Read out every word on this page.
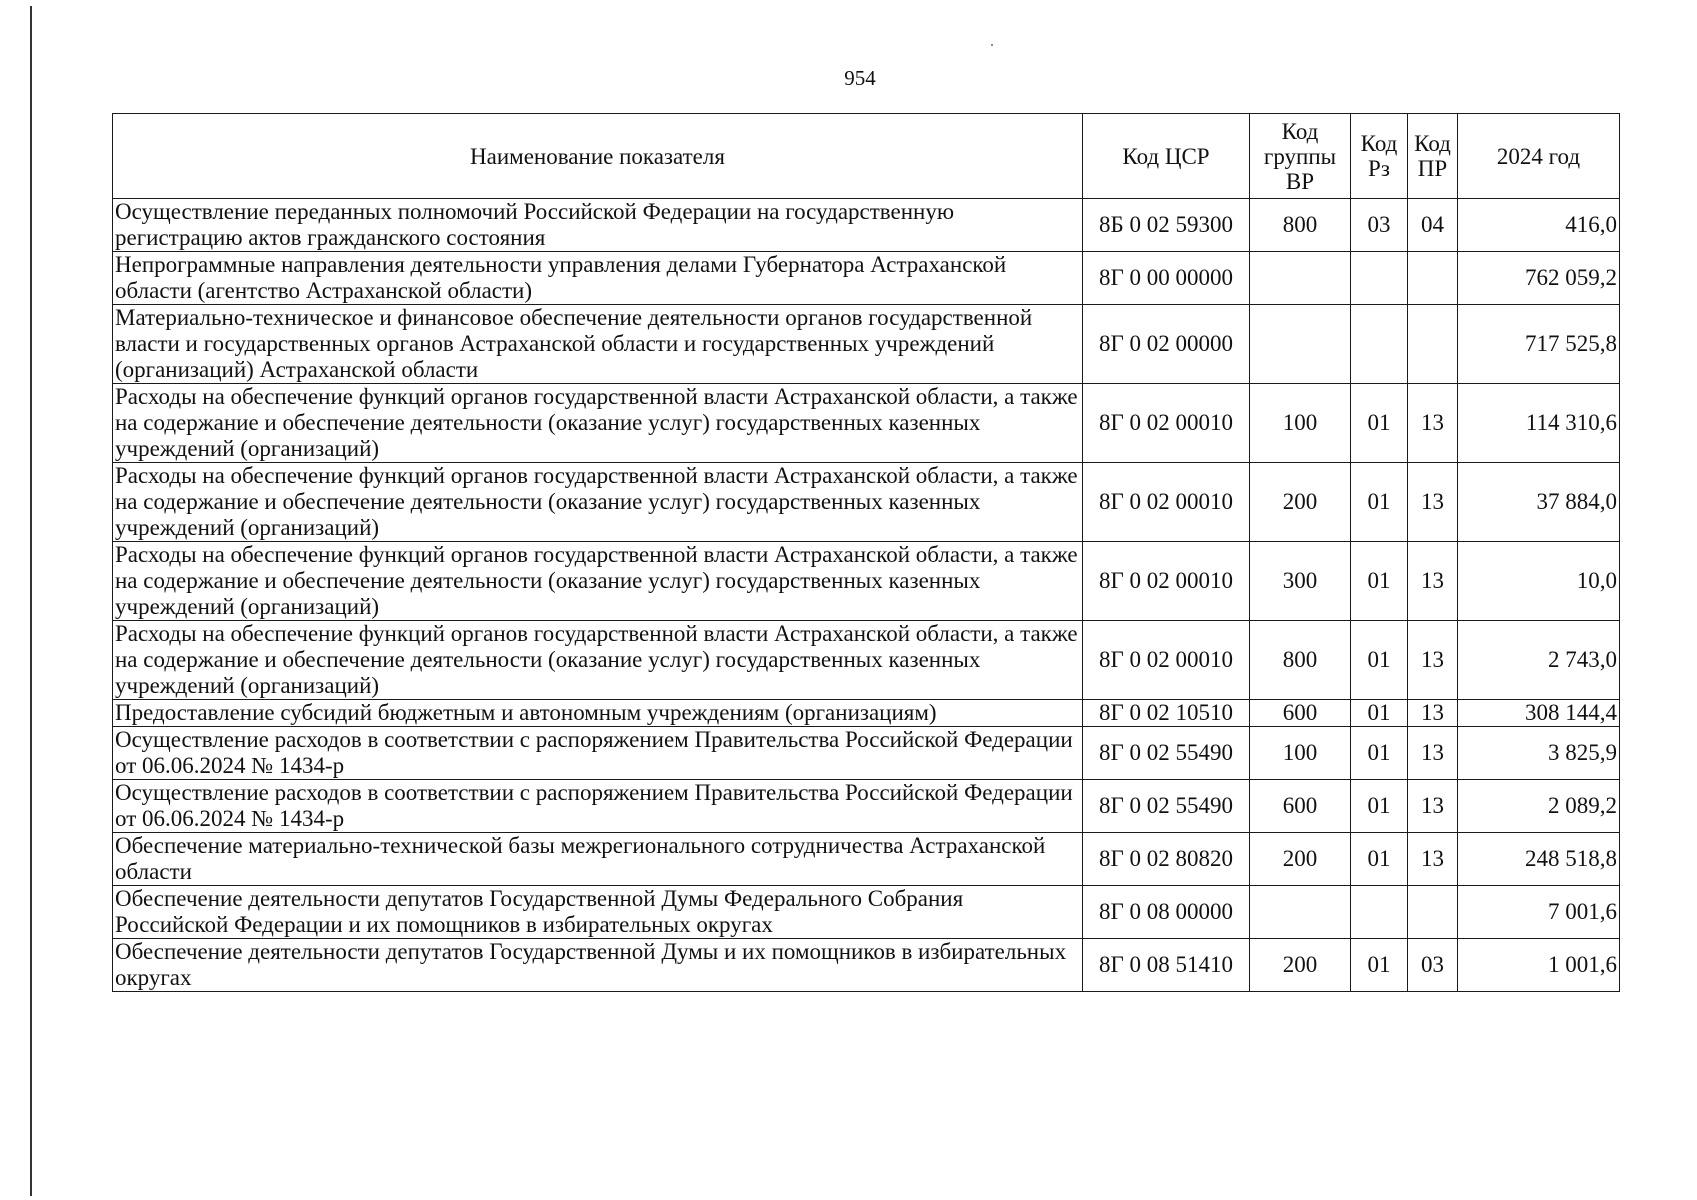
954
Наименование показателя	Код ЦСР	Код группы ВР	Код Рз	Код ПР	2024 год
Осуществление переданных полномочий Российской Федерации на государственную регистрацию актов гражданского состояния	8Б 0 02 59300	800	03	04	416,0
Непрограммные направления деятельности управления делами Губернатора Астраханской области (агентство Астраханской области)	8Г 0 00 00000				762 059,2
Материально-техническое и финансовое обеспечение деятельности органов государственной власти и государственных органов Астраханской области и государственных учреждений (организаций) Астраханской области	8Г 0 02 00000				717 525,8
Расходы на обеспечение функций органов государственной власти Астраханской области, а также на содержание и обеспечение деятельности (оказание услуг) государственных казенных учреждений (организаций)	8Г 0 02 00010	100	01	13	114 310,6
Расходы на обеспечение функций органов государственной власти Астраханской области, а также на содержание и обеспечение деятельности (оказание услуг) государственных казенных учреждений (организаций)	8Г 0 02 00010	200	01	13	37 884,0
Расходы на обеспечение функций органов государственной власти Астраханской области, а также на содержание и обеспечение деятельности (оказание услуг) государственных казенных учреждений (организаций)	8Г 0 02 00010	300	01	13	10,0
Расходы на обеспечение функций органов государственной власти Астраханской области, а также на содержание и обеспечение деятельности (оказание услуг) государственных казенных учреждений (организаций)	8Г 0 02 00010	800	01	13	2 743,0
Предоставление субсидий бюджетным и автономным учреждениям (организациям)	8Г 0 02 10510	600	01	13	308 144,4
Осуществление расходов в соответствии с распоряжением Правительства Российской Федерации от 06.06.2024 № 1434-р	8Г 0 02 55490	100	01	13	3 825,9
Осуществление расходов в соответствии с распоряжением Правительства Российской Федерации от 06.06.2024 № 1434-р	8Г 0 02 55490	600	01	13	2 089,2
Обеспечение материально-технической базы межрегионального сотрудничества Астраханской области	8Г 0 02 80820	200	01	13	248 518,8
Обеспечение деятельности депутатов Государственной Думы Федерального Собрания Российской Федерации и их помощников в избирательных округах	8Г 0 08 00000				7 001,6
Обеспечение деятельности депутатов Государственной Думы и их помощников в избирательных округах	8Г 0 08 51410	200	01	03	1 001,6
